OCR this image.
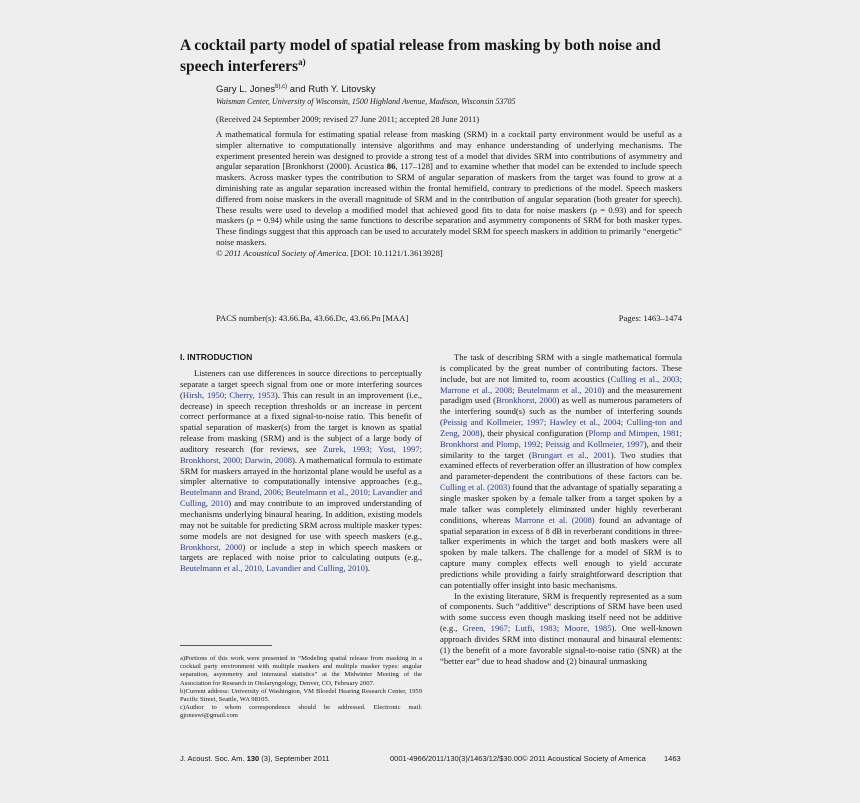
A cocktail party model of spatial release from masking by both noise and speech interferers$^{a)}$
Gary L. Jones$^{b),c)}$ and Ruth Y. Litovsky
Waisman Center, University of Wisconsin, 1500 Highland Avenue, Madison, Wisconsin 53705
(Received 24 September 2009; revised 27 June 2011; accepted 28 June 2011)
A mathematical formula for estimating spatial release from masking (SRM) in a cocktail party environment would be useful as a simpler alternative to computationally intensive algorithms and may enhance understanding of underlying mechanisms. The experiment presented herein was designed to provide a strong test of a model that divides SRM into contributions of asymmetry and angular separation [Bronkhorst (2000). Acustica 86, 117–128] and to examine whether that model can be extended to include speech maskers. Across masker types the contribution to SRM of angular separation of maskers from the target was found to grow at a diminishing rate as angular separation increased within the frontal hemifield, contrary to predictions of the model. Speech maskers differed from noise maskers in the overall magnitude of SRM and in the contribution of angular separation (both greater for speech). These results were used to develop a modified model that achieved good fits to data for noise maskers (ρ = 0.93) and for speech maskers (ρ = 0.94) while using the same functions to describe separation and asymmetry components of SRM for both masker types. These findings suggest that this approach can be used to accurately model SRM for speech maskers in addition to primarily “energetic” noise maskers.
© 2011 Acoustical Society of America. [DOI: 10.1121/1.3613928]
PACS number(s): 43.66.Ba, 43.66.Dc, 43.66.Pn [MAA]	Pages: 1463–1474
I. INTRODUCTION
Listeners can use differences in source directions to perceptually separate a target speech signal from one or more interfering sources (Hirsh, 1950; Cherry, 1953). This can result in an improvement (i.e., decrease) in speech reception thresholds or an increase in percent correct performance at a fixed signal-to-noise ratio. This benefit of spatial separation of masker(s) from the target is known as spatial release from masking (SRM) and is the subject of a large body of auditory research (for reviews, see Zurek, 1993; Yost, 1997; Bronkhorst, 2000; Darwin, 2008). A mathematical formula to estimate SRM for maskers arrayed in the horizontal plane would be useful as a simpler alternative to computationally intensive approaches (e.g., Beutelmann and Brand, 2006; Beutelmann et al., 2010; Lavandier and Culling, 2010) and may contribute to an improved understanding of mechanisms underlying binaural hearing. In addition, existing models may not be suitable for predicting SRM across multiple masker types: some models are not designed for use with speech maskers (e.g., Bronkhorst, 2000) or include a step in which speech maskers or targets are replaced with noise prior to calculating outputs (e.g., Beutelmann et al., 2010, Lavandier and Culling, 2010).

a)Portions of this work were presented in “Modeling spatial release from masking in a cocktail party environment with multiple maskers and multiple masker types: angular separation, asymmetry and interaural statistics” at the Midwinter Meeting of the Association for Research in Otolaryngology, Denver, CO, February 2007.

b)Current address: University of Washington, VM Bloedel Hearing Research Center, 1959 Pacific Street, Seattle, WA 98105.

c)Author to whom correspondence should be addressed. Electronic mail: gjoneswi@gmail.com

The task of describing SRM with a single mathematical formula is complicated by the great number of contributing factors. These include, but are not limited to, room acoustics (Culling et al., 2003; Marrone et al., 2008; Beutelmann et al., 2010) and the measurement paradigm used (Bronkhorst, 2000) as well as numerous parameters of the interfering sound(s) such as the number of interfering sounds (Peissig and Kollmeier, 1997; Hawley et al., 2004; Culling-ton and Zeng, 2008), their physical configuration (Plomp and Mimpen, 1981; Bronkhorst and Plomp, 1992; Peissig and Kollmeier, 1997), and their similarity to the target (Brungart et al., 2001). Two studies that examined effects of reverberation offer an illustration of how complex and parameter-dependent the contributions of these factors can be. Culling et al. (2003) found that the advantage of spatially separating a single masker spoken by a female talker from a target spoken by a male talker was completely eliminated under highly reverberant conditions, whereas Marrone et al. (2008) found an advantage of spatial separation in excess of 8 dB in reverberant conditions in three-talker experiments in which the target and both maskers were all spoken by male talkers. The challenge for a model of SRM is to capture many complex effects well enough to yield accurate predictions while providing a fairly straightforward description that can potentially offer insight into basic mechanisms.

In the existing literature, SRM is frequently represented as a sum of components. Such “additive” descriptions of SRM have been used with some success even though masking itself need not be additive (e.g., Green, 1967; Lutfi, 1983; Moore, 1985). One well-known approach divides SRM into distinct monaural and binaural elements: (1) the benefit of a more favorable signal-to-noise ratio (SNR) at the “better ear” due to head shadow and (2) binaural unmasking

J. Acoust. Soc. Am. 130 (3), September 2011	0001-4966/2011/130(3)/1463/12/$30.00 © 2011 Acoustical Society of America 1463
